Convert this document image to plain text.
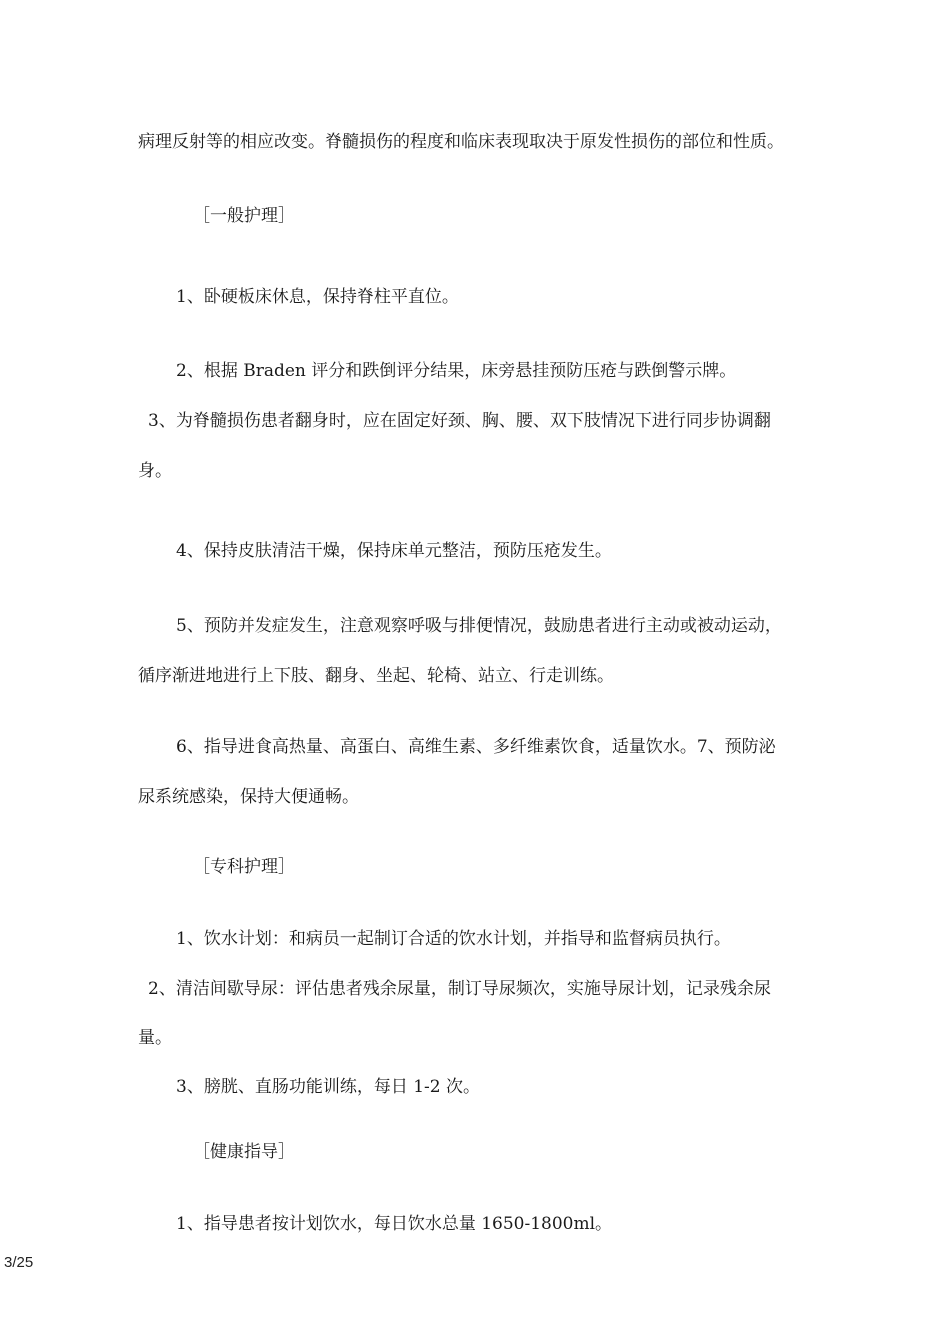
病理反射等的相应改变。脊髓损伤的程度和临床表现取决于原发性损伤的部位和性质。
［一般护理］
1、卧硬板床休息，保持脊柱平直位。
2、根据 Braden 评分和跌倒评分结果，床旁悬挂预防压疮与跌倒警示牌。
3、为脊髓损伤患者翻身时，应在固定好颈、胸、腰、双下肢情况下进行同步协调翻
身。
4、保持皮肤清洁干燥，保持床单元整洁，预防压疮发生。
5、预防并发症发生，注意观察呼吸与排便情况，鼓励患者进行主动或被动运动，
循序渐进地进行上下肢、翻身、坐起、轮椅、站立、行走训练。
6、指导进食高热量、高蛋白、高维生素、多纤维素饮食，适量饮水。7、预防泌
尿系统感染，保持大便通畅。
［专科护理］
1、饮水计划：和病员一起制订合适的饮水计划，并指导和监督病员执行。
2、清洁间歇导尿：评估患者残余尿量，制订导尿频次，实施导尿计划，记录残余尿
量。
3、膀胱、直肠功能训练，每日 1-2 次。
［健康指导］
1、指导患者按计划饮水，每日饮水总量 1650-1800ml。
3/25
